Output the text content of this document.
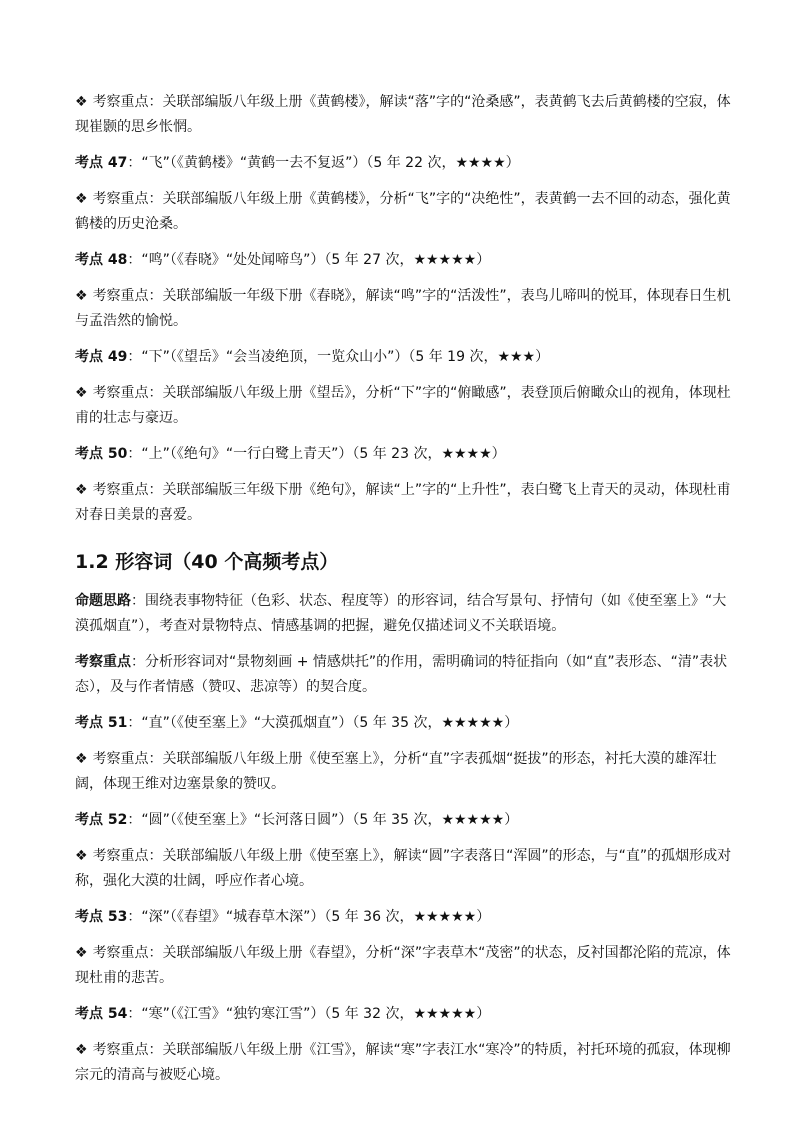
❖ 考察重点：关联部编版八年级上册《黄鹤楼》，解读“落”字的“沧桑感”，表黄鹤飞去后黄鹤楼的空寂，体现崔颢的思乡怅惘。
考点 47：“飞”（《黄鹤楼》“黄鹤一去不复返”）（5 年 22 次，★★★★）
❖ 考察重点：关联部编版八年级上册《黄鹤楼》，分析“飞”字的“决绝性”，表黄鹤一去不回的动态，强化黄鹤楼的历史沧桑。
考点 48：“鸣”（《春晓》“处处闻啼鸟”）（5 年 27 次，★★★★★）
❖ 考察重点：关联部编版一年级下册《春晓》，解读“鸣”字的“活泼性”，表鸟儿啼叫的悦耳，体现春日生机与孟浩然的愉悦。
考点 49：“下”（《望岳》“会当凌绝顶，一览众山小”）（5 年 19 次，★★★）
❖ 考察重点：关联部编版八年级上册《望岳》，分析“下”字的“俯瞰感”，表登顶后俯瞰众山的视角，体现杜甫的壮志与豪迈。
考点 50：“上”（《绝句》“一行白鹭上青天”）（5 年 23 次，★★★★）
❖ 考察重点：关联部编版三年级下册《绝句》，解读“上”字的“上升性”，表白鹭飞上青天的灵动，体现杜甫对春日美景的喜爱。
1.2 形容词（40 个高频考点）
命题思路：围绕表事物特征（色彩、状态、程度等）的形容词，结合写景句、抒情句（如《使至塞上》“大漠孤烟直”），考查对景物特点、情感基调的把握，避免仅描述词义不关联语境。
考察重点：分析形容词对“景物刻画 + 情感烘托”的作用，需明确词的特征指向（如“直”表形态、“清”表状态），及与作者情感（赞叹、悲凉等）的契合度。
考点 51：“直”（《使至塞上》“大漠孤烟直”）（5 年 35 次，★★★★★）
❖ 考察重点：关联部编版八年级上册《使至塞上》，分析“直”字表孤烟“挺拔”的形态，衬托大漠的雄浑壮阔，体现王维对边塞景象的赞叹。
考点 52：“圆”（《使至塞上》“长河落日圆”）（5 年 35 次，★★★★★）
❖ 考察重点：关联部编版八年级上册《使至塞上》，解读“圆”字表落日“浑圆”的形态，与“直”的孤烟形成对称，强化大漠的壮阔，呼应作者心境。
考点 53：“深”（《春望》“城春草木深”）（5 年 36 次，★★★★★）
❖ 考察重点：关联部编版八年级上册《春望》，分析“深”字表草木“茂密”的状态，反衬国都沦陷的荒凉，体现杜甫的悲苦。
考点 54：“寒”（《江雪》“独钓寒江雪”）（5 年 32 次，★★★★★）
❖ 考察重点：关联部编版八年级上册《江雪》，解读“寒”字表江水“寒冷”的特质，衬托环境的孤寂，体现柳宗元的清高与被贬心境。
